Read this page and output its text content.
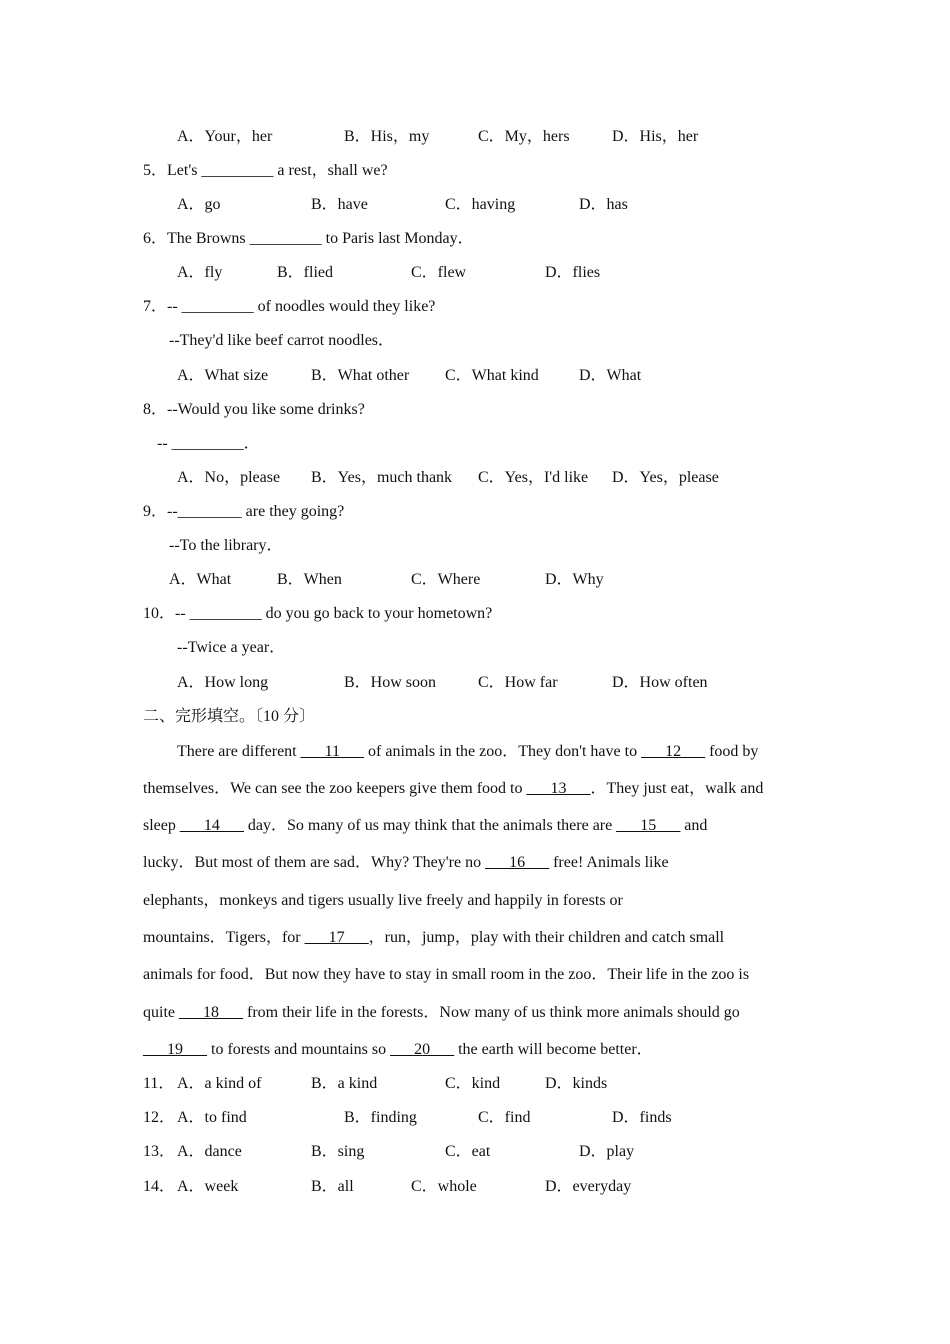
A．Your，her	B．His，my	C．My，hers	D．His，her
5．Let's _________ a rest，shall we?
A．go	B．have	C．having	D．has
6．The Browns _________ to Paris last Monday．
A．fly	B．flied	C．flew	D．flies
7．-- _________ of noodles would they like?
--They'd like beef carrot noodles．
A．What size	B．What other C．What kind	D．What
8．--Would you like some drinks?
-- _________．
A．No，please B．Yes，much thank C．Yes，I'd like D．Yes，please
9．--________ are they going?
--To the library．
A．What	B．When	C．Where	D．Why
10．-- _________ do you go back to your hometown?
--Twice a year．
A．How long	B．How soon	C．How far	D．How often
二、完形填空。〔10 分〕
There are different ___11___ of animals in the zoo．They don't have to ___12___ food by
themselves．We can see the zoo keepers give them food to ___13___．They just eat，walk and
sleep ___14___ day．So many of us may think that the animals there are ___15___ and
lucky．But most of them are sad．Why? They're no ___16___ free! Animals like
elephants，monkeys and tigers usually live freely and happily in forests or
mountains．Tigers，for ___17___，run，jump，play with their children and catch small
animals for food．But now they have to stay in small room in the zoo．Their life in the zoo is
quite ___18___ from their life in the forests．Now many of us think more animals should go
___19___ to forests and mountains so ___20___ the earth will become better．
11． A．a kind of	B．a kind	C．kind	D．kinds
12． A．to find	B．finding	C．find	D．finds
13． A．dance	B．sing	C．eat	D．play
14． A．week	B．all	C．whole	D．everyday
